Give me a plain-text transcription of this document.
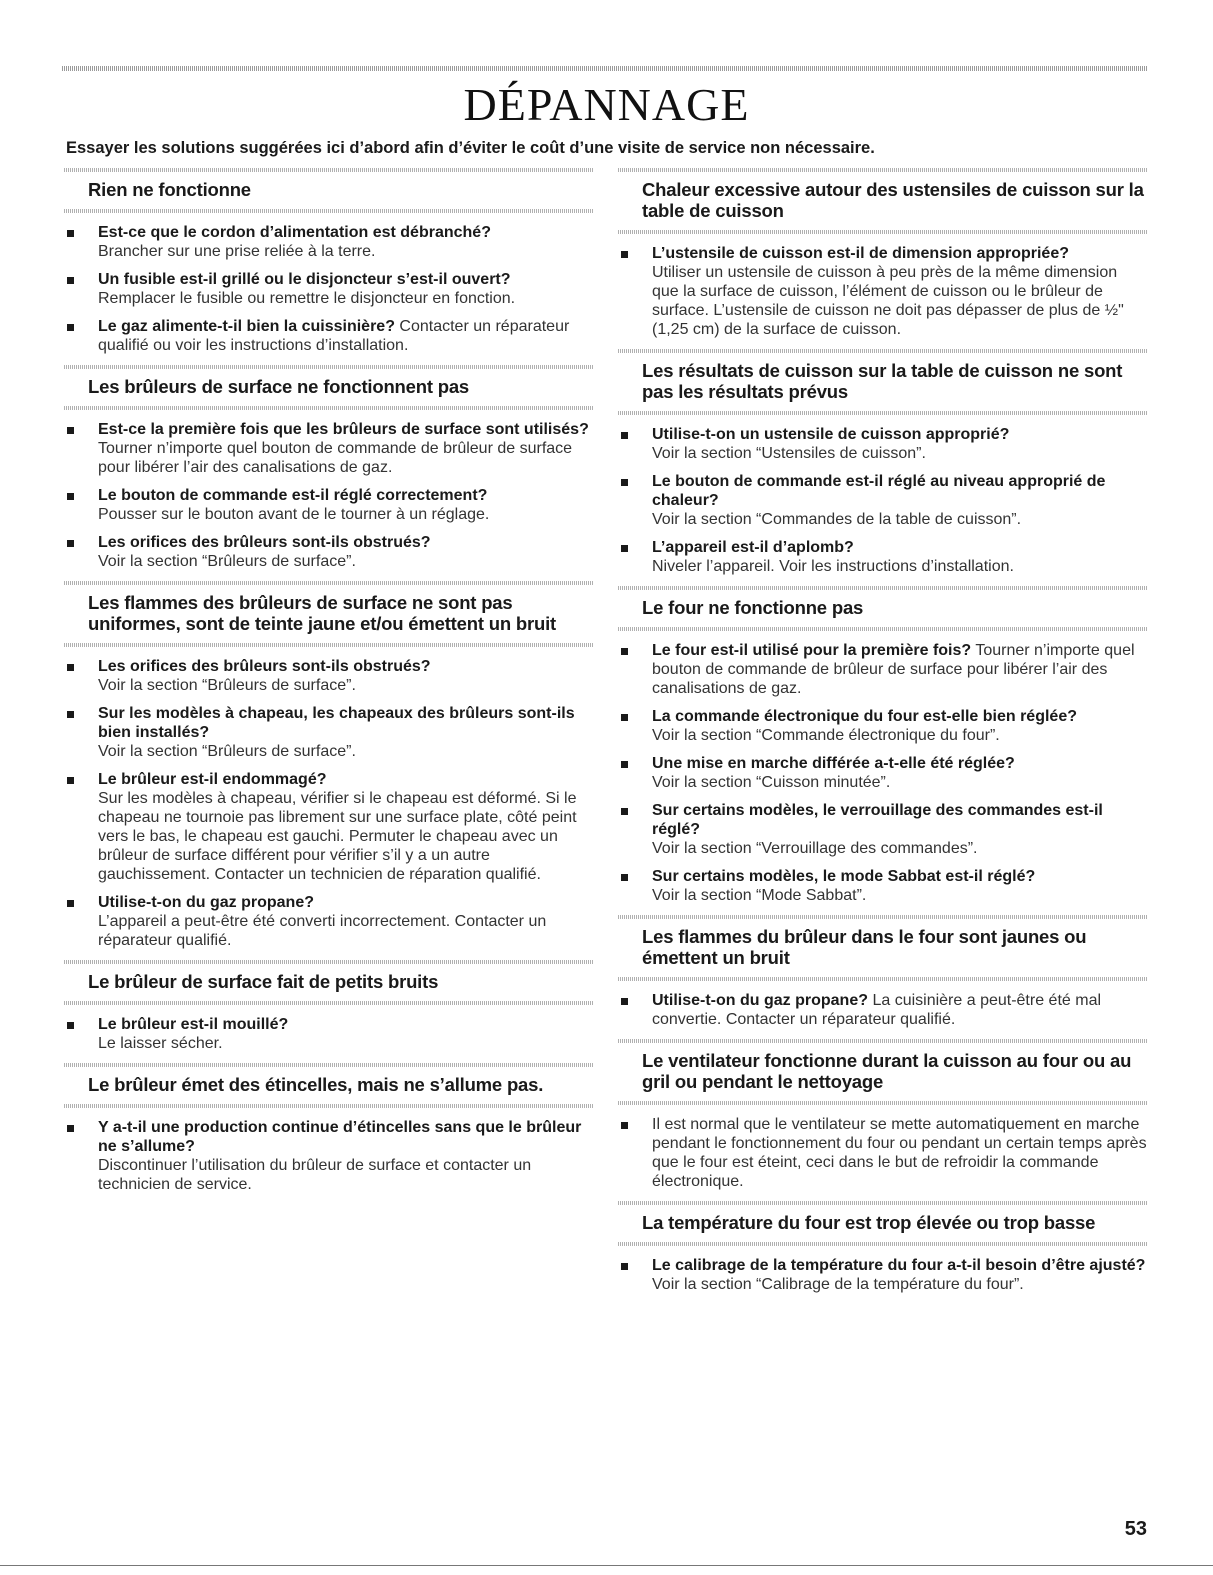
DÉPANNAGE

Essayer les solutions suggérées ici d’abord afin d’éviter le coût d’une visite de service non nécessaire.

Rien ne fonctionne
Est-ce que le cordon d’alimentation est débranché?
Brancher sur une prise reliée à la terre.
Un fusible est-il grillé ou le disjoncteur s’est-il ouvert?
Remplacer le fusible ou remettre le disjoncteur en fonction.
Le gaz alimente-t-il bien la cuissinière? Contacter un réparateur qualifié ou voir les instructions d’installation.
Les brûleurs de surface ne fonctionnent pas
Est-ce la première fois que les brûleurs de surface sont utilisés?
Tourner n’importe quel bouton de commande de brûleur de surface pour libérer l’air des canalisations de gaz.
Le bouton de commande est-il réglé correctement?
Pousser sur le bouton avant de le tourner à un réglage.
Les orifices des brûleurs sont-ils obstrués?
Voir la section “Brûleurs de surface”.
Les flammes des brûleurs de surface ne sont pas uniformes, sont de teinte jaune et/ou émettent un bruit
Les orifices des brûleurs sont-ils obstrués?
Voir la section “Brûleurs de surface”.
Sur les modèles à chapeau, les chapeaux des brûleurs sont-ils bien installés?
Voir la section “Brûleurs de surface”.
Le brûleur est-il endommagé?
Sur les modèles à chapeau, vérifier si le chapeau est déformé. Si le chapeau ne tournoie pas librement sur une surface plate, côté peint vers le bas, le chapeau est gauchi. Permuter le chapeau avec un brûleur de surface différent pour vérifier s’il y a un autre gauchissement. Contacter un technicien de réparation qualifié.
Utilise-t-on du gaz propane?
L’appareil a peut-être été converti incorrectement. Contacter un réparateur qualifié.
Le brûleur de surface fait de petits bruits
Le brûleur est-il mouillé?
Le laisser sécher.
Le brûleur émet des étincelles, mais ne s’allume pas.
Y a-t-il une production continue d’étincelles sans que le brûleur ne s’allume?
Discontinuer l’utilisation du brûleur de surface et contacter un technicien de service.
Chaleur excessive autour des ustensiles de cuisson sur la table de cuisson
L’ustensile de cuisson est-il de dimension appropriée?
Utiliser un ustensile de cuisson à peu près de la même dimension que la surface de cuisson, l’élément de cuisson ou le brûleur de surface. L’ustensile de cuisson ne doit pas dépasser de plus de ½" (1,25 cm) de la surface de cuisson.
Les résultats de cuisson sur la table de cuisson ne sont pas les résultats prévus
Utilise-t-on un ustensile de cuisson approprié?
Voir la section “Ustensiles de cuisson”.
Le bouton de commande est-il réglé au niveau approprié de chaleur?
Voir la section “Commandes de la table de cuisson”.
L’appareil est-il d’aplomb?
Niveler l’appareil. Voir les instructions d’installation.
Le four ne fonctionne pas
Le four est-il utilisé pour la première fois? Tourner n’importe quel bouton de commande de brûleur de surface pour libérer l’air des canalisations de gaz.
La commande électronique du four est-elle bien réglée?
Voir la section “Commande électronique du four”.
Une mise en marche différée a-t-elle été réglée?
Voir la section “Cuisson minutée”.
Sur certains modèles, le verrouillage des commandes est-il réglé?
Voir la section “Verrouillage des commandes”.
Sur certains modèles, le mode Sabbat est-il réglé?
Voir la section “Mode Sabbat”.
Les flammes du brûleur dans le four sont jaunes ou émettent un bruit
Utilise-t-on du gaz propane? La cuisinière a peut-être été mal convertie. Contacter un réparateur qualifié.
Le ventilateur fonctionne durant la cuisson au four ou au gril ou pendant le nettoyage
Il est normal que le ventilateur se mette automatiquement en marche pendant le fonctionnement du four ou pendant un certain temps après que le four est éteint, ceci dans le but de refroidir la commande électronique.
La température du four est trop élevée ou trop basse
Le calibrage de la température du four a-t-il besoin d’être ajusté?
Voir la section “Calibrage de la température du four”.
53
